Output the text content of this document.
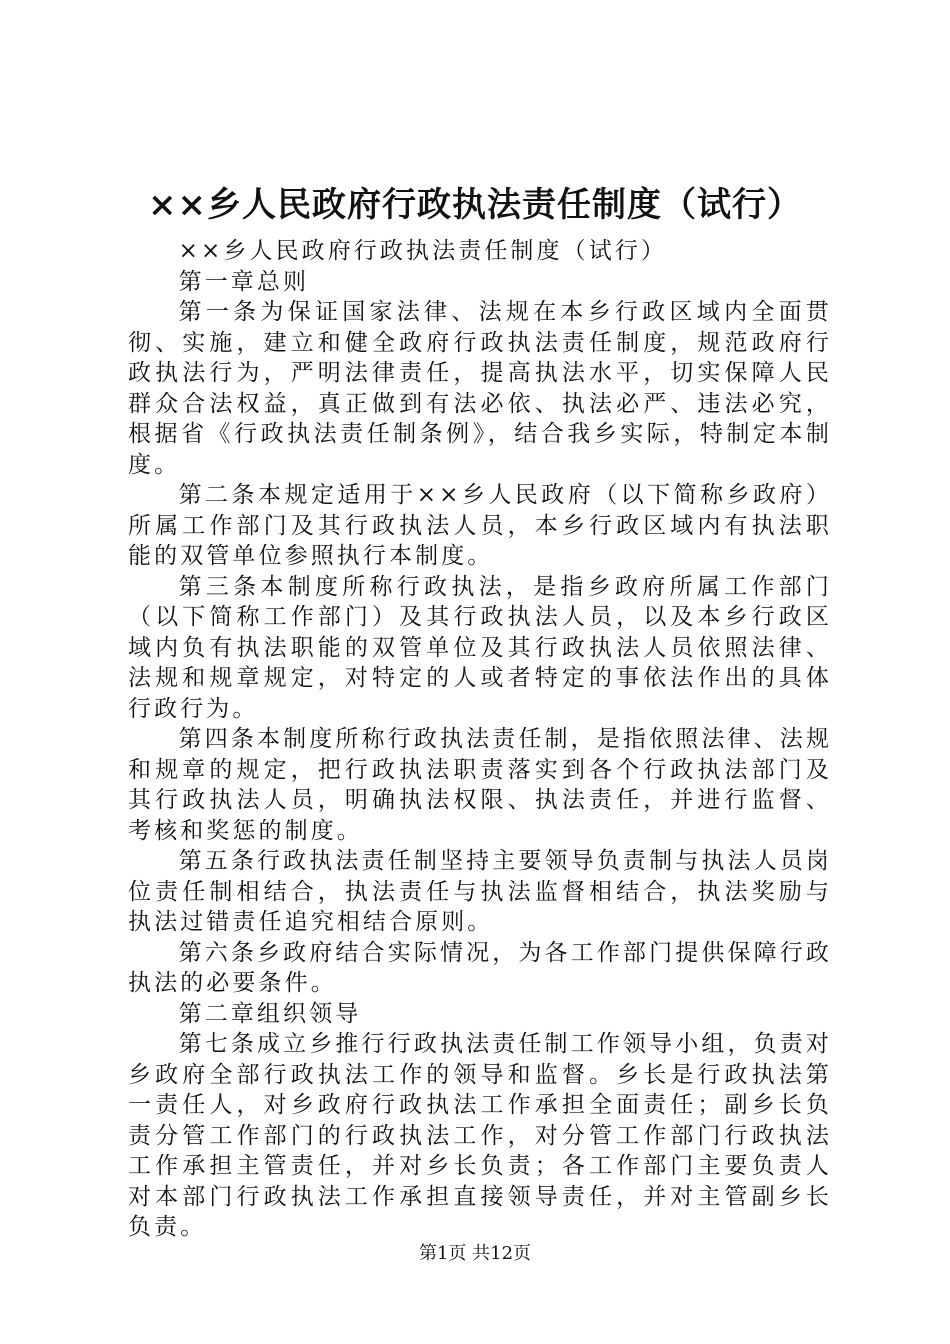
××乡人民政府行政执法责任制度（试行）

××乡人民政府行政执法责任制度（试行）

第一章总则

第一条为保证国家法律、法规在本乡行政区域内全面贯彻、实施，建立和健全政府行政执法责任制度，规范政府行政执法行为，严明法律责任，提高执法水平，切实保障人民群众合法权益，真正做到有法必依、执法必严、违法必究，根据省《行政执法责任制条例》，结合我乡实际，特制定本制度。

第二条本规定适用于××乡人民政府（以下简称乡政府）所属工作部门及其行政执法人员，本乡行政区域内有执法职能的双管单位参照执行本制度。

第三条本制度所称行政执法，是指乡政府所属工作部门（以下简称工作部门）及其行政执法人员，以及本乡行政区域内负有执法职能的双管单位及其行政执法人员依照法律、法规和规章规定，对特定的人或者特定的事依法作出的具体行政行为。

第四条本制度所称行政执法责任制，是指依照法律、法规和规章的规定，把行政执法职责落实到各个行政执法部门及其行政执法人员，明确执法权限、执法责任，并进行监督、考核和奖惩的制度。

第五条行政执法责任制坚持主要领导负责制与执法人员岗位责任制相结合，执法责任与执法监督相结合，执法奖励与执法过错责任追究相结合原则。

第六条乡政府结合实际情况，为各工作部门提供保障行政执法的必要条件。

第二章组织领导

第七条成立乡推行行政执法责任制工作领导小组，负责对乡政府全部行政执法工作的领导和监督。乡长是行政执法第一责任人，对乡政府行政执法工作承担全面责任；副乡长负责分管工作部门的行政执法工作，对分管工作部门行政执法工作承担主管责任，并对乡长负责；各工作部门主要负责人对本部门行政执法工作承担直接领导责任，并对主管副乡长负责。

第1页 共12页
